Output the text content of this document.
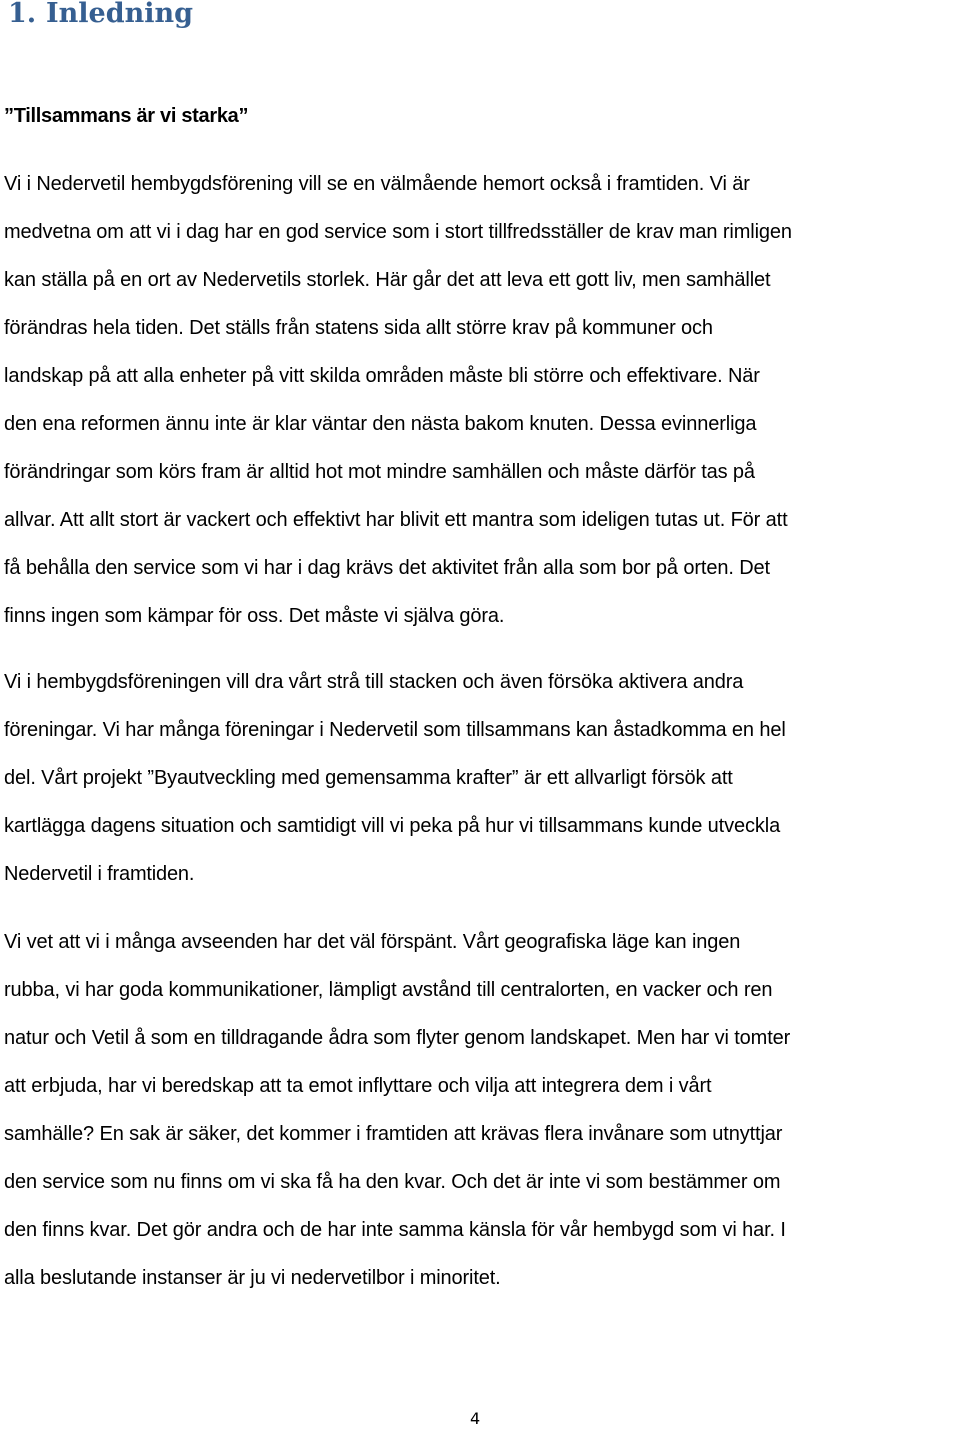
1. Inledning
”Tillsammans är vi starka”
Vi i Nedervetil hembygdsförening vill se en välmående hemort också i framtiden. Vi är
medvetna om att vi i dag har en god service som i stort tillfredsställer de krav man rimligen
kan ställa på en ort av Nedervetils storlek. Här går det att leva ett gott liv, men samhället
förändras hela tiden. Det ställs från statens sida allt större krav på kommuner och
landskap på att alla enheter på vitt skilda områden måste bli större och effektivare. När
den ena reformen ännu inte är klar väntar den nästa bakom knuten. Dessa evinnerliga
förändringar som körs fram är alltid hot mot mindre samhällen och måste därför tas på
allvar. Att allt stort är vackert och effektivt har blivit ett mantra som ideligen tutas ut. För att
få behålla den service som vi har i dag krävs det aktivitet från alla som bor på orten. Det
finns ingen som kämpar för oss. Det måste vi själva göra.
Vi i hembygdsföreningen vill dra vårt strå till stacken och även försöka aktivera andra
föreningar. Vi har många föreningar i Nedervetil som tillsammans kan åstadkomma en hel
del. Vårt projekt ”Byautveckling med gemensamma krafter” är ett allvarligt försök att
kartlägga dagens situation och samtidigt vill vi peka på hur vi tillsammans kunde utveckla
Nedervetil i framtiden.
Vi vet att vi i många avseenden har det väl förspänt. Vårt geografiska läge kan ingen
rubba, vi har goda kommunikationer, lämpligt avstånd till centralorten, en vacker och ren
natur och Vetil å som en tilldragande ådra som flyter genom landskapet. Men har vi tomter
att erbjuda, har vi beredskap att ta emot inflyttare och vilja att integrera dem i vårt
samhälle? En sak är säker, det kommer i framtiden att krävas flera invånare som utnyttjar
den service som nu finns om vi ska få ha den kvar. Och det är inte vi som bestämmer om
den finns kvar. Det gör andra och de har inte samma känsla för vår hembygd som vi har. I
alla beslutande instanser är ju vi nedervetilbor i minoritet.
4
